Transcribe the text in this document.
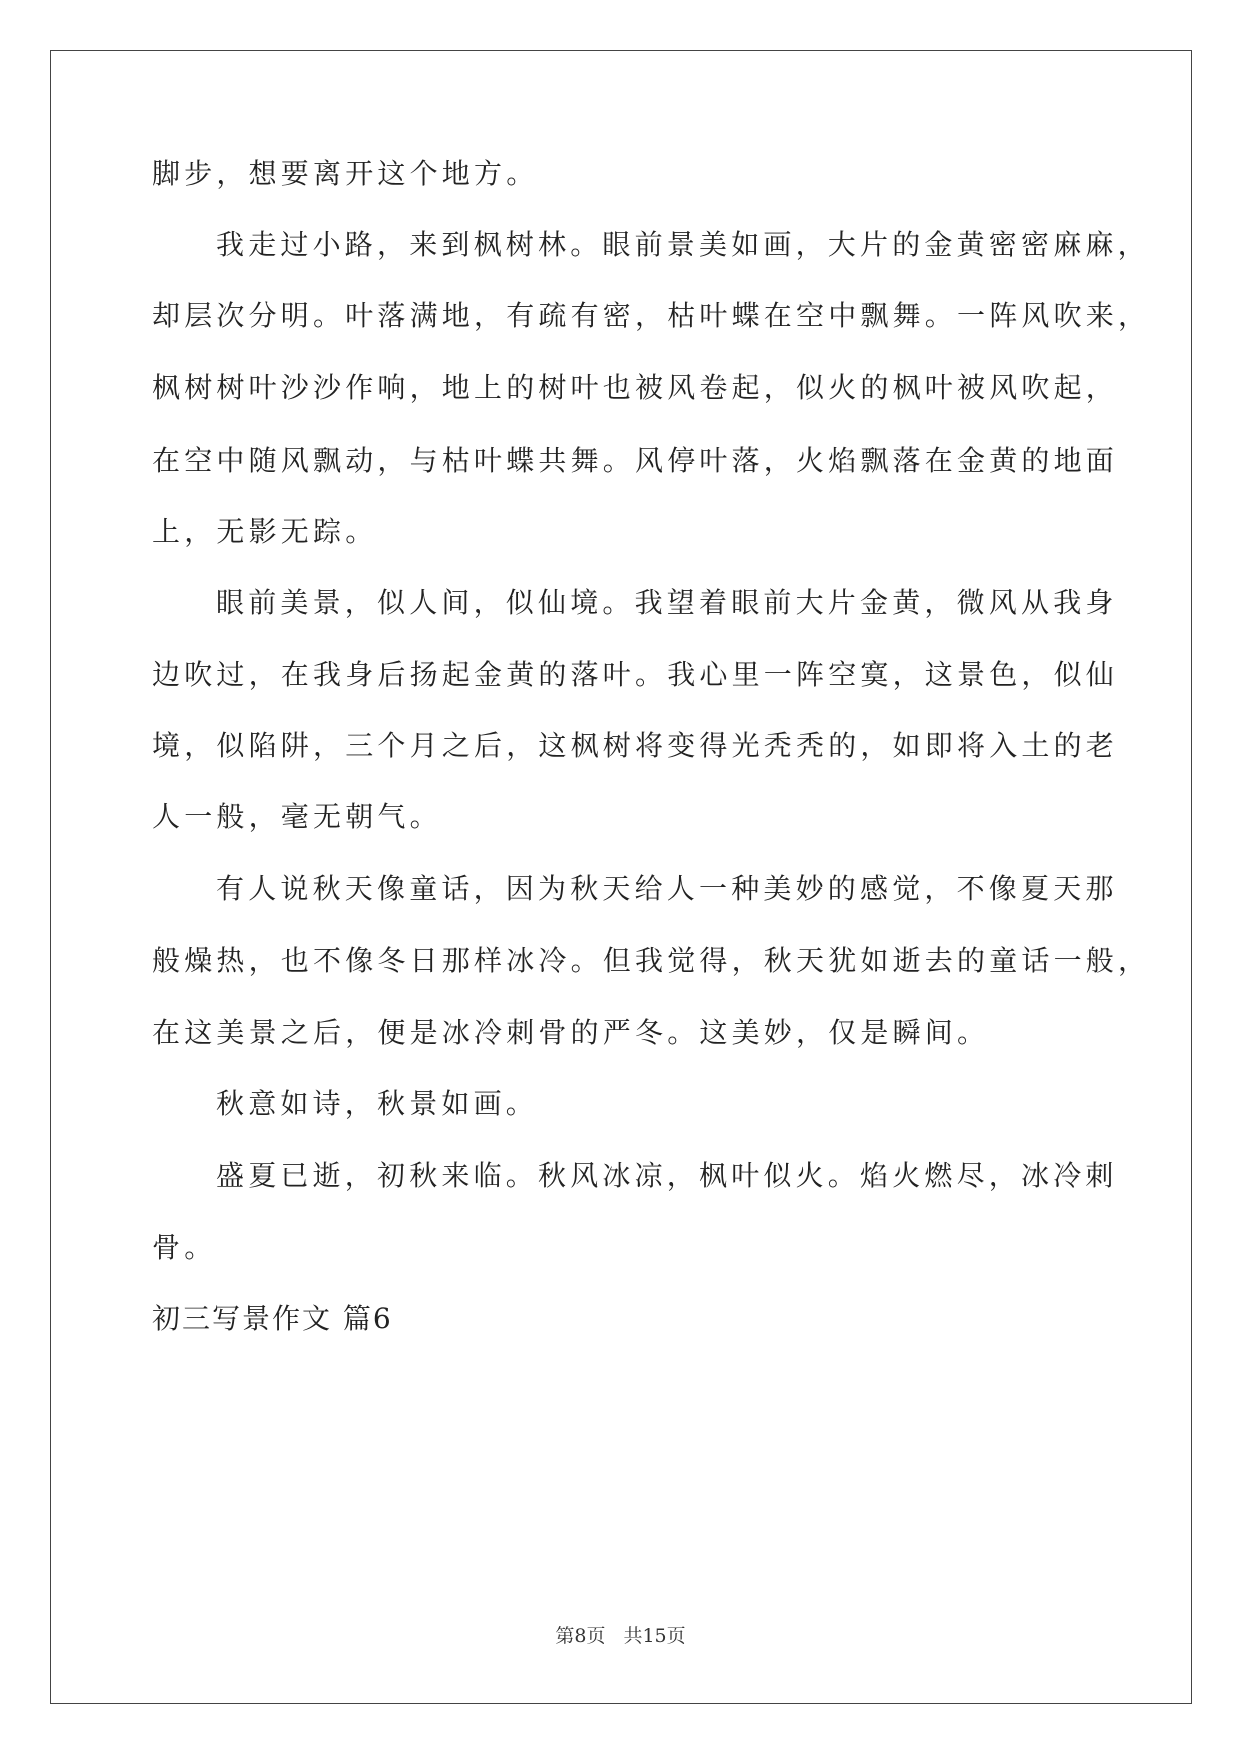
脚步，想要离开这个地方。
我走过小路，来到枫树林。眼前景美如画，大片的金黄密密麻麻，
却层次分明。叶落满地，有疏有密，枯叶蝶在空中飘舞。一阵风吹来，
枫树树叶沙沙作响，地上的树叶也被风卷起，似火的枫叶被风吹起，
在空中随风飘动，与枯叶蝶共舞。风停叶落，火焰飘落在金黄的地面
上，无影无踪。
眼前美景，似人间，似仙境。我望着眼前大片金黄，微风从我身
边吹过，在我身后扬起金黄的落叶。我心里一阵空寞，这景色，似仙
境，似陷阱，三个月之后，这枫树将变得光秃秃的，如即将入土的老
人一般，毫无朝气。
有人说秋天像童话，因为秋天给人一种美妙的感觉，不像夏天那
般燥热，也不像冬日那样冰冷。但我觉得，秋天犹如逝去的童话一般，
在这美景之后，便是冰冷刺骨的严冬。这美妙，仅是瞬间。
秋意如诗，秋景如画。
盛夏已逝，初秋来临。秋风冰凉，枫叶似火。焰火燃尽，冰冷刺
骨。
初三写景作文 篇6
第8页 共15页
